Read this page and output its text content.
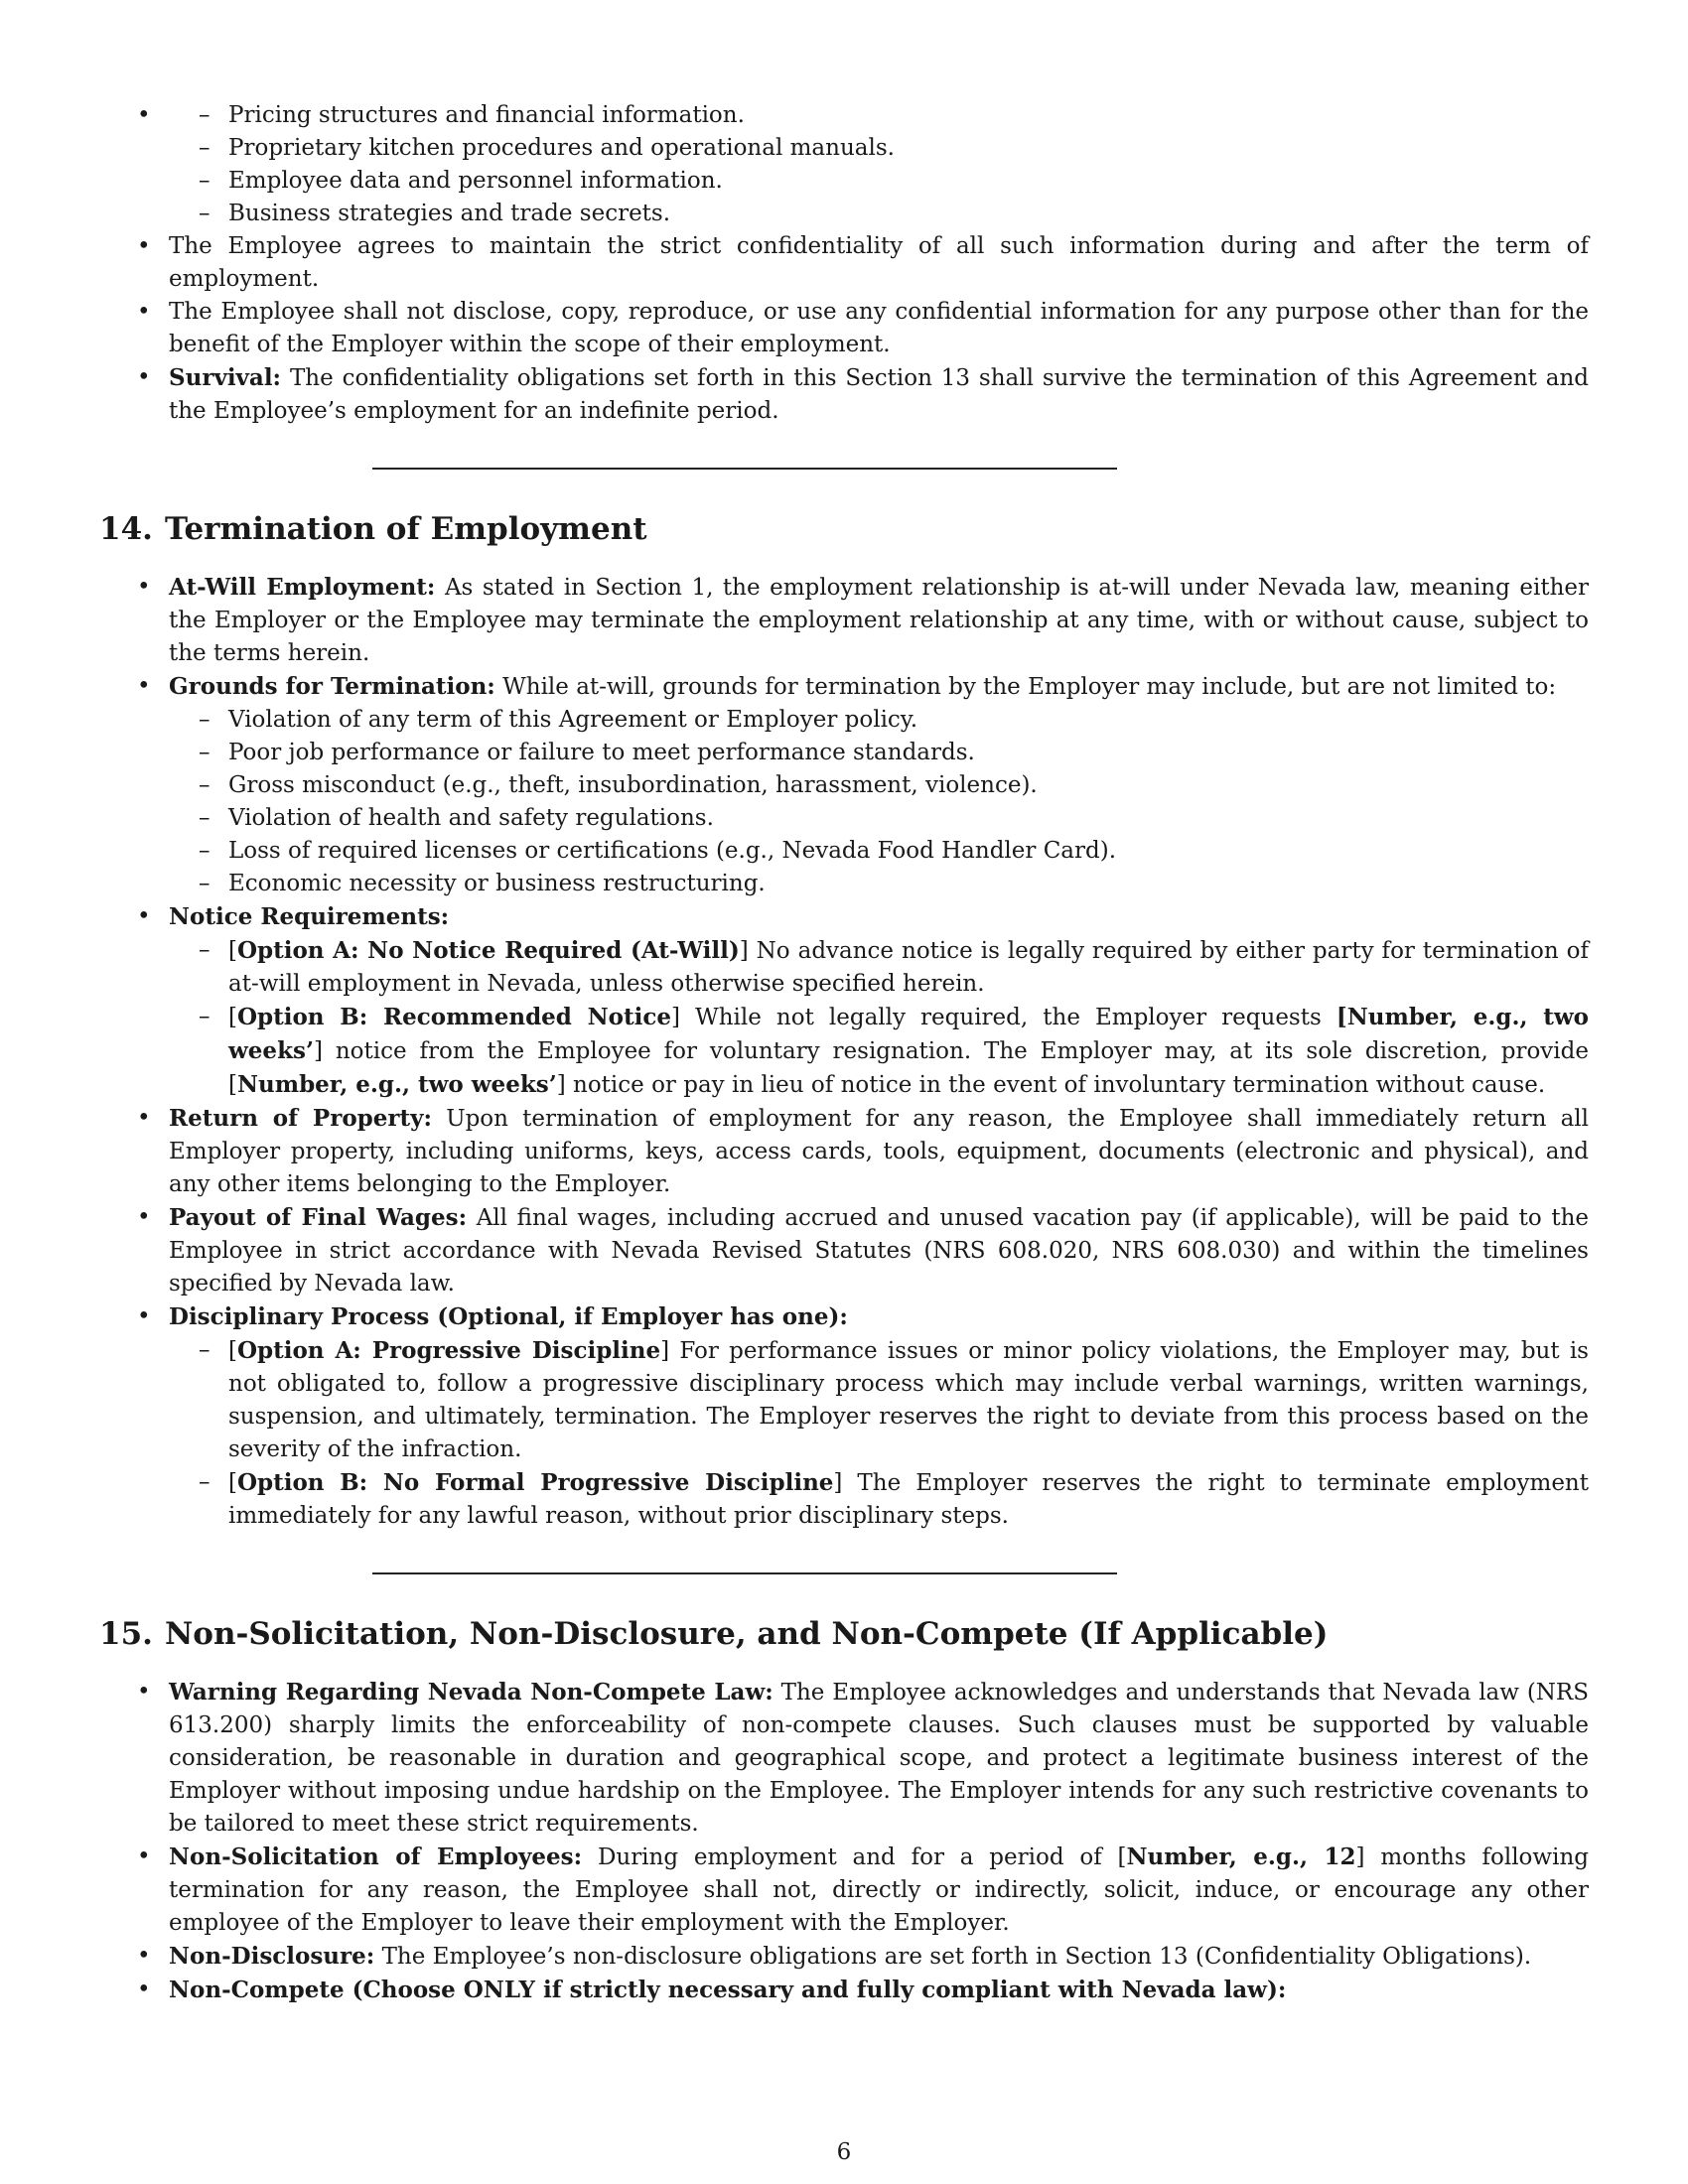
– • Pricing structures and financial information.
– Proprietary kitchen procedures and operational manuals.
– Employee data and personnel information.
– Business strategies and trade secrets.

• The Employee agrees to maintain the strict confidentiality of all such information during and after the term of employment.

• The Employee shall not disclose, copy, reproduce, or use any confidential information for any purpose other than for the benefit of the Employer within the scope of their employment.

• Survival: The confidentiality obligations set forth in this Section 13 shall survive the termination of this Agreement and the Employee’s employment for an indefinite period.

14. Termination of Employment

• At-Will Employment: As stated in Section 1, the employment relationship is at-will under Nevada law, meaning either the Employer or the Employee may terminate the employment relationship at any time, with or without cause, subject to the terms herein.

• Grounds for Termination: While at-will, grounds for termination by the Employer may include, but are not limited to:

– Violation of any term of this Agreement or Employer policy.
– Poor job performance or failure to meet performance standards.
– Gross misconduct (e.g., theft, insubordination, harassment, violence).
– Violation of health and safety regulations.
– Loss of required licenses or certifications (e.g., Nevada Food Handler Card).
– Economic necessity or business restructuring.

• Notice Requirements:

– [Option A: No Notice Required (At-Will)] No advance notice is legally required by either party for termination of at-will employment in Nevada, unless otherwise specified herein.

– [Option B: Recommended Notice] While not legally required, the Employer requests [Number, e.g., two weeks’] notice from the Employee for voluntary resignation. The Employer may, at its sole discretion, provide [Number, e.g., two weeks’] notice or pay in lieu of notice in the event of involuntary termination without cause.

• Return of Property: Upon termination of employment for any reason, the Employee shall immediately return all Employer property, including uniforms, keys, access cards, tools, equipment, documents (electronic and physical), and any other items belonging to the Employer.

• Payout of Final Wages: All final wages, including accrued and unused vacation pay (if applicable), will be paid to the Employee in strict accordance with Nevada Revised Statutes (NRS 608.020, NRS 608.030) and within the timelines specified by Nevada law.

• Disciplinary Process (Optional, if Employer has one):

– [Option A: Progressive Discipline] For performance issues or minor policy violations, the Employer may, but is not obligated to, follow a progressive disciplinary process which may include verbal warnings, written warnings, suspension, and ultimately, termination. The Employer reserves the right to deviate from this process based on the severity of the infraction.

– [Option B: No Formal Progressive Discipline] The Employer reserves the right to terminate employment immediately for any lawful reason, without prior disciplinary steps.

15. Non-Solicitation, Non-Disclosure, and Non-Compete (If Applicable)

• Warning Regarding Nevada Non-Compete Law: The Employee acknowledges and understands that Nevada law (NRS 613.200) sharply limits the enforceability of non-compete clauses. Such clauses must be supported by valuable consideration, be reasonable in duration and geographical scope, and protect a legitimate business interest of the Employer without imposing undue hardship on the Employee. The Employer intends for any such restrictive covenants to be tailored to meet these strict requirements.

• Non-Solicitation of Employees: During employment and for a period of [Number, e.g., 12] months following termination for any reason, the Employee shall not, directly or indirectly, solicit, induce, or encourage any other employee of the Employer to leave their employment with the Employer.

• Non-Disclosure: The Employee’s non-disclosure obligations are set forth in Section 13 (Confidentiality Obligations).

• Non-Compete (Choose ONLY if strictly necessary and fully compliant with Nevada law):

6
